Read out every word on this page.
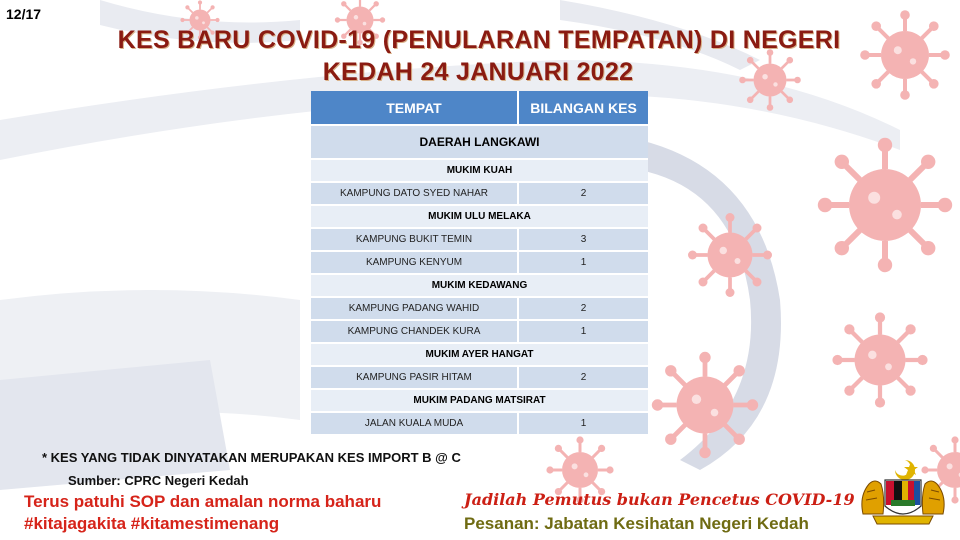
12/17
KES BARU COVID-19 (PENULARAN TEMPATAN) DI NEGERI
KEDAH 24 JANUARI 2022
TEMPAT	BILANGAN KES
DAERAH LANGKAWI	
MUKIM KUAH	
KAMPUNG DATO SYED NAHAR	2
MUKIM ULU MELAKA	
KAMPUNG BUKIT TEMIN	3
KAMPUNG KENYUM	1
MUKIM KEDAWANG	
KAMPUNG PADANG WAHID	2
KAMPUNG CHANDEK KURA	1
MUKIM AYER HANGAT	
KAMPUNG PASIR HITAM	2
MUKIM PADANG MATSIRAT	
JALAN KUALA MUDA	1
* KES YANG TIDAK DINYATAKAN MERUPAKAN KES IMPORT B @ C
Sumber: CPRC Negeri Kedah
Terus patuhi SOP dan amalan norma baharu
#kitajagakita #kitamestimenang
Jadilah Pemutus bukan Pencetus COVID-19
Pesanan: Jabatan Kesihatan Negeri Kedah
